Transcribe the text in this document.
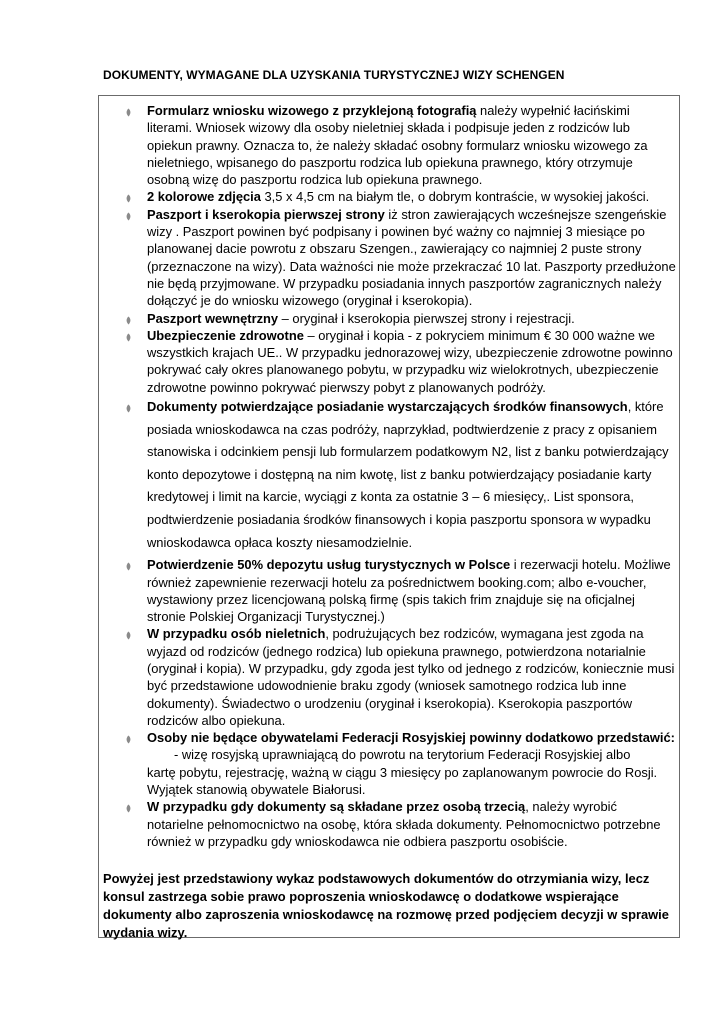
DOKUMENTY, WYMAGANE DLA UZYSKANIA TURYSTYCZNEJ WIZY SCHENGEN
Formularz wniosku wizowego z przyklejoną fotografią należy wypełnić łacińskimi literami. Wniosek wizowy dla osoby nieletniej składa i podpisuje jeden z rodziców lub opiekun prawny. Oznacza to, że należy składać osobny formularz wniosku wizowego za nieletniego, wpisanego do paszportu rodzica lub opiekuna prawnego, który otrzymuje osobną wizę do paszportu rodzica lub opiekuna prawnego.
2 kolorowe zdjęcia 3,5 x 4,5 cm na białym tle, o dobrym kontraście, w wysokiej jakości.
Paszport i kserokopia pierwszej strony iż stron zawierających wcześnejsze szengeńskie wizy . Paszport powinen być podpisany i powinen być ważny co najmniej 3 miesiące po planowanej dacie powrotu z obszaru Szengen., zawierający co najmniej 2 puste strony (przeznaczone na wizy). Data ważności nie może przekraczać 10 lat. Paszporty przedłużone nie będą przyjmowane. W przypadku posiadania innych paszportów zagranicznych należy dołączyć je do wniosku wizowego (oryginał i kserokopia).
Paszport wewnętrzny – oryginał i kserokopia pierwszej strony i rejestracji.
Ubezpieczenie zdrowotne – oryginał i kopia - z pokryciem minimum € 30 000 ważne we wszystkich krajach UE.. W przypadku jednorazowej wizy, ubezpieczenie zdrowotne powinno pokrywać cały okres planowanego pobytu, w przypadku wiz wielokrotnych, ubezpieczenie zdrowotne powinno pokrywać pierwszy pobyt z planowanych podróży.
Dokumenty potwierdzające posiadanie wystarczających środków finansowych, które posiada wnioskodawca na czas podróży, naprzykład, podtwierdzenie z pracy z opisaniem stanowiska i odcinkiem pensji lub formularzem podatkowym N2, list z banku potwierdzający konto depozytowe i dostępną na nim kwotę, list z banku potwierdzający posiadanie karty kredytowej i limit na karcie, wyciągi z konta za ostatnie 3 – 6 miesięcy,. List sponsora, podtwierdzenie posiadania środków finansowych i kopia paszportu sponsora w wypadku wnioskodawca opłaca koszty niesamodzielnie.
Potwierdzenie 50% depozytu usług turystycznych w Polsce i rezerwacji hotelu. Możliwe również zapewnienie rezerwacji hotelu za pośrednictwem booking.com; albo e-voucher, wystawiony przez licencjowaną polską firmę (spis takich frim znajduje się na oficjalnej stronie Polskiej Organizacji Turystycznej.)
W przypadku osób nieletnich, podrużujących bez rodziców, wymagana jest zgoda na wyjazd od rodziców (jednego rodzica) lub opiekuna prawnego, potwierdzona notarialnie (oryginał i kopia). W przypadku, gdy zgoda jest tylko od jednego z rodziców, koniecznie musi być przedstawione udowodnienie braku zgody (wniosek samotnego rodzica lub inne dokumenty). Świadectwo o urodzeniu (oryginał i kserokopia). Kserokopia paszportów rodziców albo opiekuna.
Osoby nie będące obywatelami Federacji Rosyjskiej powinny dodatkowo przedstawić:
- wizę rosyjską uprawniającą do powrotu na terytorium Federacji Rosyjskiej albo
kartę pobytu, rejestrację, ważną w ciągu 3 miesięcy po zaplanowanym powrocie do Rosji. Wyjątek stanowią obywatele Białorusi.
W przypadku gdy dokumenty są składane przez osobą trzecią, należy wyrobić notarielne pełnomocnictwo na osobę, która składa dokumenty. Pełnomocnictwo potrzebne również w przypadku gdy wnioskodawca nie odbiera paszportu osobiście.
Powyżej jest przedstawiony wykaz podstawowych dokumentów do otrzymiania wizy, lecz konsul zastrzega sobie prawo poproszenia wnioskodawcę o dodatkowe wspierające dokumenty albo zaproszenia wnioskodawcę na rozmowę przed podjęciem decyzji w sprawie wydania wizy.
